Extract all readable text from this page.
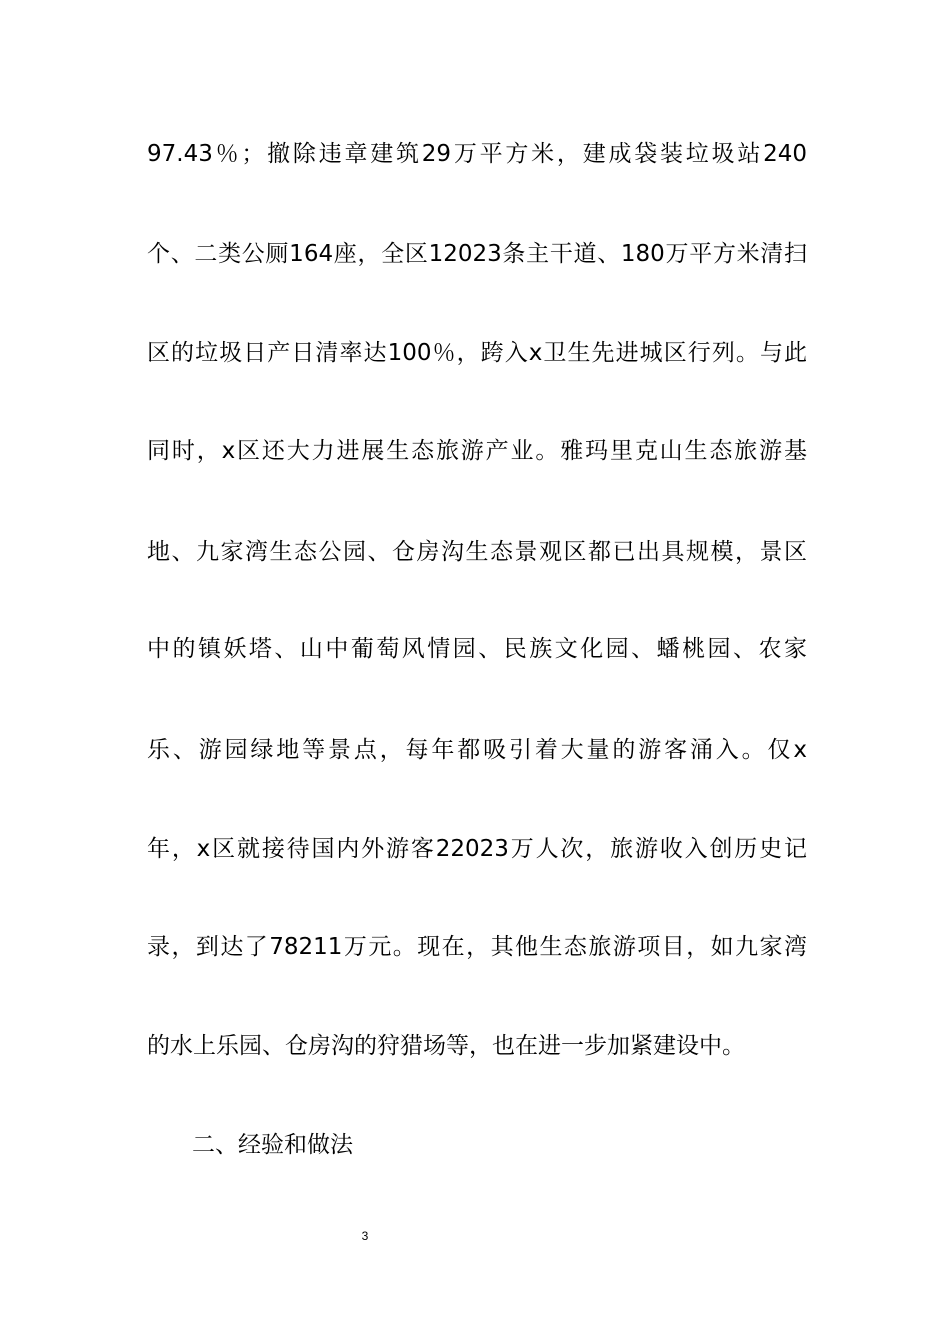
97.43％；撤除违章建筑29万平方米，建成袋装垃圾站240
个、二类公厕164座，全区12023条主干道、180万平方米清扫
区的垃圾日产日清率达100％，跨入x卫生先进城区行列。与此
同时，x区还大力进展生态旅游产业。雅玛里克山生态旅游基
地、九家湾生态公园、仓房沟生态景观区都已出具规模，景区
中的镇妖塔、山中葡萄风情园、民族文化园、蟠桃园、农家
乐、游园绿地等景点，每年都吸引着大量的游客涌入。仅x
年，x区就接待国内外游客22023万人次，旅游收入创历史记
录，到达了78211万元。现在，其他生态旅游项目，如九家湾
的水上乐园、仓房沟的狩猎场等，也在进一步加紧建设中。
二、经验和做法
3
